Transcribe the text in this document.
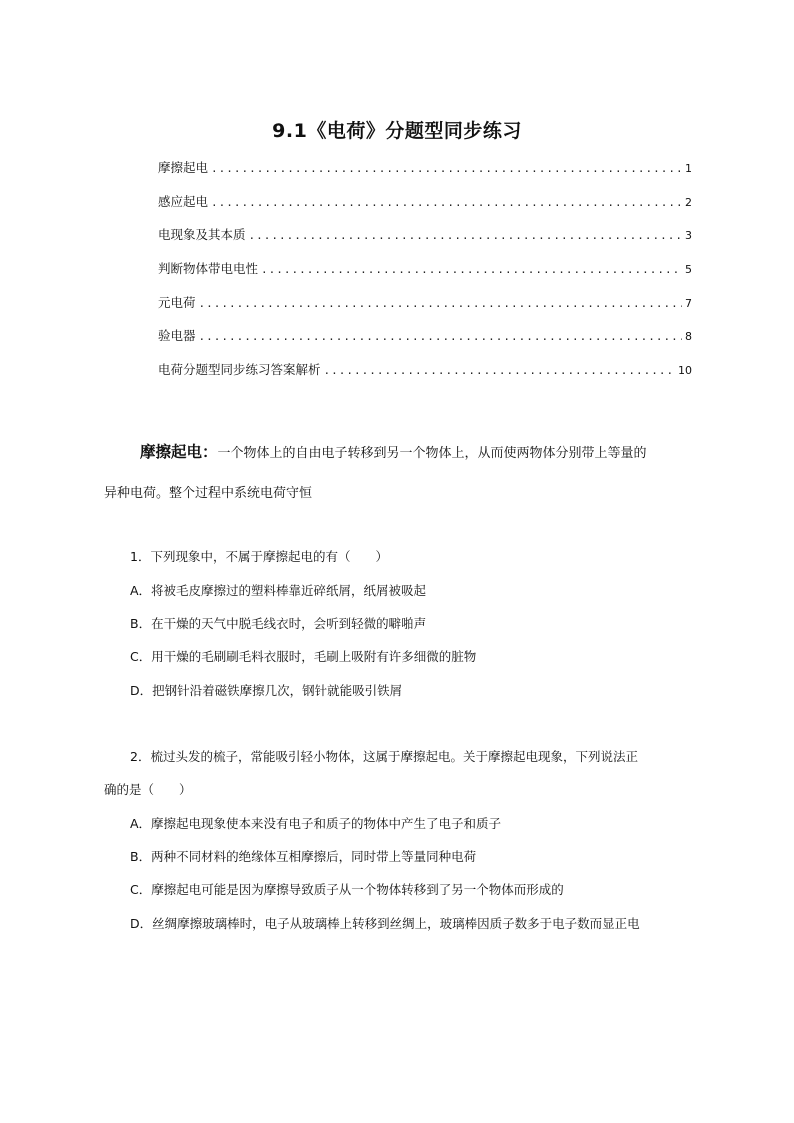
9.1《电荷》分题型同步练习
摩擦起电 .....	1
感应起电 .....	2
电现象及其本质 .....	3
判断物体带电电性 .....	5
元电荷 .....	7
验电器 .....	8
电荷分题型同步练习答案解析 .....	10
摩擦起电：一个物体上的自由电子转移到另一个物体上，从而使两物体分别带上等量的
异种电荷。整个过程中系统电荷守恒
1．下列现象中，不属于摩擦起电的有（　　）
A．将被毛皮摩擦过的塑料棒靠近碎纸屑，纸屑被吸起
B．在干燥的天气中脱毛线衣时，会听到轻微的噼啪声
C．用干燥的毛刷刷毛料衣服时，毛刷上吸附有许多细微的脏物
D．把钢针沿着磁铁摩擦几次，钢针就能吸引铁屑
2．梳过头发的梳子，常能吸引轻小物体，这属于摩擦起电。关于摩擦起电现象，下列说法正
确的是（　　）
A．摩擦起电现象使本来没有电子和质子的物体中产生了电子和质子
B．两种不同材料的绝缘体互相摩擦后，同时带上等量同种电荷
C．摩擦起电可能是因为摩擦导致质子从一个物体转移到了另一个物体而形成的
D．丝绸摩擦玻璃棒时，电子从玻璃棒上转移到丝绸上，玻璃棒因质子数多于电子数而显正电
